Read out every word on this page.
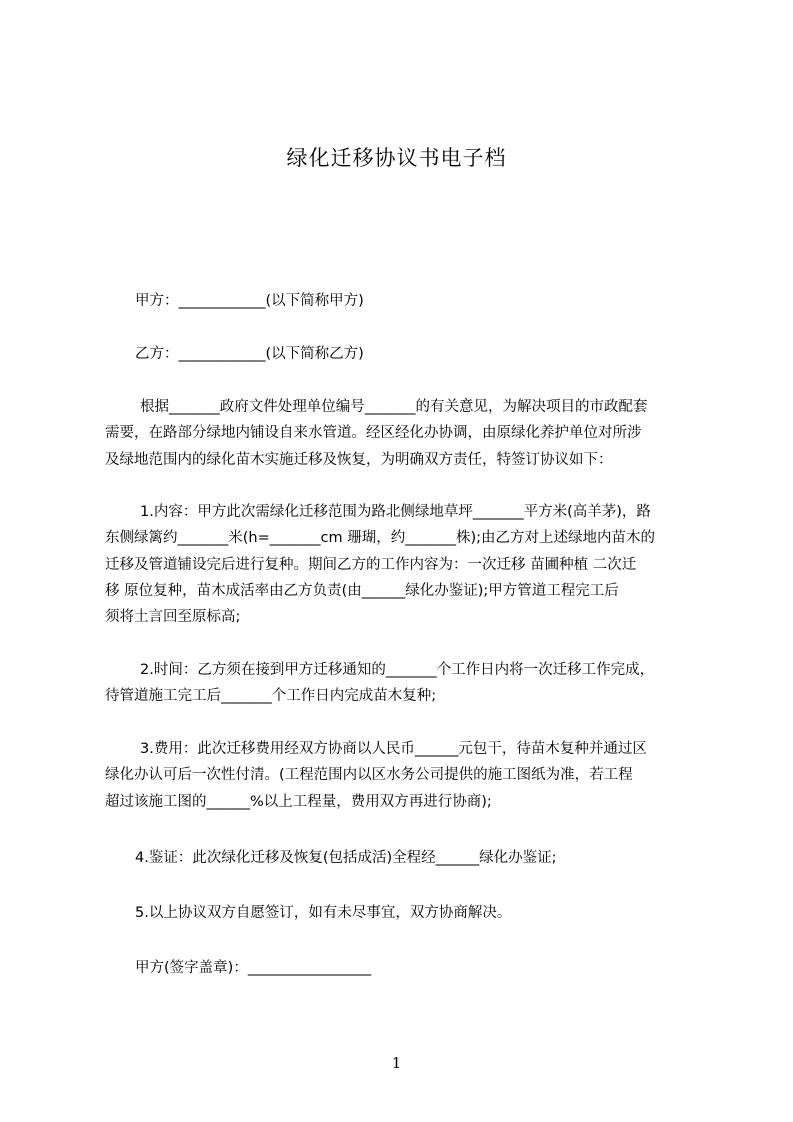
绿化迁移协议书电子档
甲方：____________(以下简称甲方)
乙方：____________(以下简称乙方)
根据_______政府文件处理单位编号_______的有关意见，为解决项目的市政配套
需要，在路部分绿地内铺设自来水管道。经区经化办协调，由原绿化养护单位对所涉
及绿地范围内的绿化苗木实施迁移及恢复，为明确双方责任，特签订协议如下：
1.内容：甲方此次需绿化迁移范围为路北侧绿地草坪_______平方米(高羊茅)，路
东侧绿篱约_______米(h=_______cm 珊瑚，约_______株);由乙方对上述绿地内苗木的
迁移及管道铺设完后进行复种。期间乙方的工作内容为：一次迁移 苗圃种植 二次迁
移 原位复种，苗木成活率由乙方负责(由______绿化办鉴证);甲方管道工程完工后
须将土言回至原标高;
2.时间：乙方须在接到甲方迁移通知的_______个工作日内将一次迁移工作完成，
待管道施工完工后_______个工作日内完成苗木复种;
3.费用：此次迁移费用经双方协商以人民币______元包干，待苗木复种并通过区
绿化办认可后一次性付清。(工程范围内以区水务公司提供的施工图纸为准，若工程
超过该施工图的______%以上工程量，费用双方再进行协商);
4.鉴证：此次绿化迁移及恢复(包括成活)全程经______绿化办鉴证;
5.以上协议双方自愿签订，如有未尽事宜，双方协商解决。
甲方(签字盖章)：_________________
1
